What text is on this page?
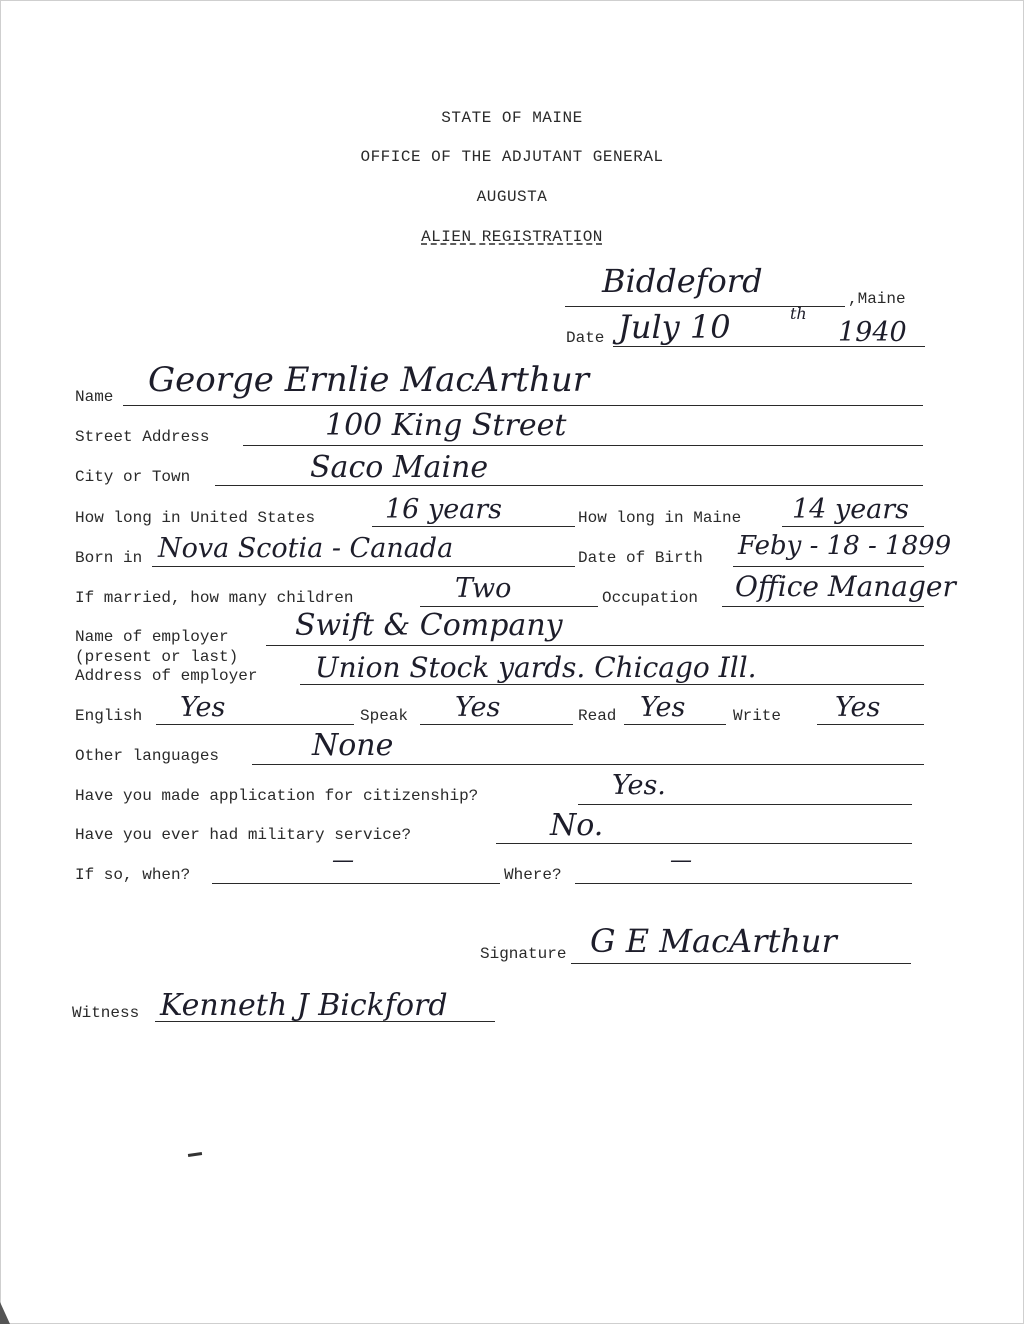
STATE OF MAINE
OFFICE OF THE ADJUTANT GENERAL
AUGUSTA
ALIEN REGISTRATION
Biddeford	,Maine
Date July 10	th
1940
Name George Ernlie MacArthur
Street Address	100 King Street
City or Town	Saco Maine
How long in United States	16 years	How long in Maine 14 years
Born in Nova Scotia - Canada	Date of Birth Feby - 18 - 1899
If married, how many children	Two	Occupation Office Manager
Name of employer
(present or last)
Swift & Company
Address of employer Union Stock yards. Chicago Ill.
English Yes	Speak Yes	Read Yes	Write Yes
Other languages	None
Have you made application for citizenship?	Yes.
Have you ever had military service?	No.
If so, when?
—
Where?
—
Signature G E MacArthur
Witness Kenneth J Bickford
